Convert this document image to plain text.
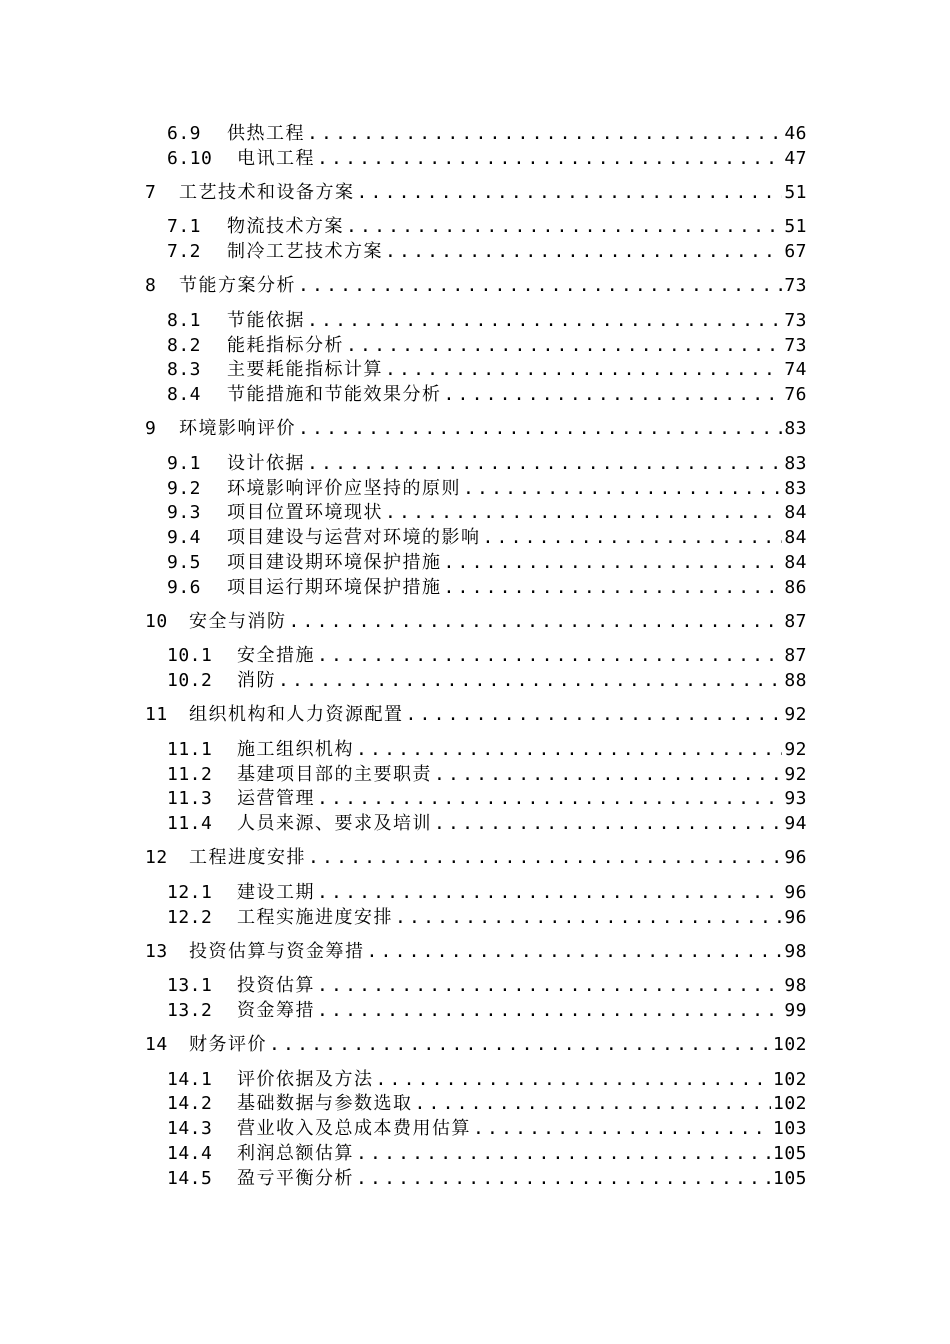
6.9	供热工程 .....	46
6.10	电讯工程 .....	47
7	工艺技术和设备方案 .....	51
7.1	物流技术方案 .....	51
7.2	制冷工艺技术方案 .....	67
8	节能方案分析 .....	73
8.1	节能依据 .....	73
8.2	能耗指标分析 .....	73
8.3	主要耗能指标计算 .....	74
8.4	节能措施和节能效果分析 .....	76
9	环境影响评价 .....	83
9.1	设计依据 .....	83
9.2	环境影响评价应坚持的原则 .....	83
9.3	项目位置环境现状 .....	84
9.4	项目建设与运营对环境的影响 .....	84
9.5	项目建设期环境保护措施 .....	84
9.6	项目运行期环境保护措施 .....	86
10	安全与消防 .....	87
10.1	安全措施 .....	87
10.2	消防 .....	88
11	组织机构和人力资源配置 .....	92
11.1	施工组织机构 .....	92
11.2	基建项目部的主要职责 .....	92
11.3	运营管理 .....	93
11.4	人员来源、要求及培训 .....	94
12	工程进度安排 .....	96
12.1	建设工期 .....	96
12.2	工程实施进度安排 .....	96
13	投资估算与资金筹措 .....	98
13.1	投资估算 .....	98
13.2	资金筹措 .....	99
14	财务评价 .....	102
14.1	评价依据及方法 .....	102
14.2	基础数据与参数选取 .....	102
14.3	营业收入及总成本费用估算 .....	103
14.4	利润总额估算 .....	105
14.5	盈亏平衡分析 .....	105
